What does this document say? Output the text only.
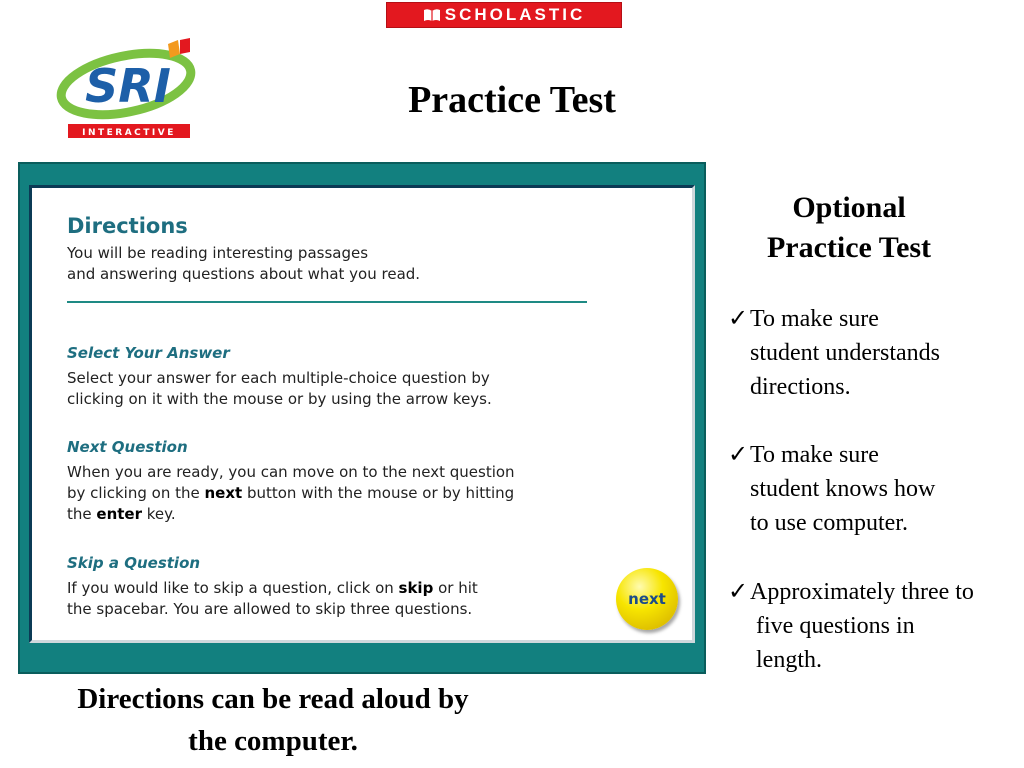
SCHOLASTIC
SRI
INTERACTIVE
Practice Test
Directions
You will be reading interesting passages
and answering questions about what you read.
Select Your Answer
Select your answer for each multiple-choice question by
clicking on it with the mouse or by using the arrow keys.
Next Question
When you are ready, you can move on to the next question
by clicking on the next button with the mouse or by hitting
the enter key.
Skip a Question
If you would like to skip a question, click on skip or hit
the spacebar. You are allowed to skip three questions.
next
Directions can be read aloud by
the computer.
Optional
Practice Test
✓To make sure
student understands
directions.
✓To make sure
student knows how
to use computer.
✓Approximately three to
five questions in
length.
